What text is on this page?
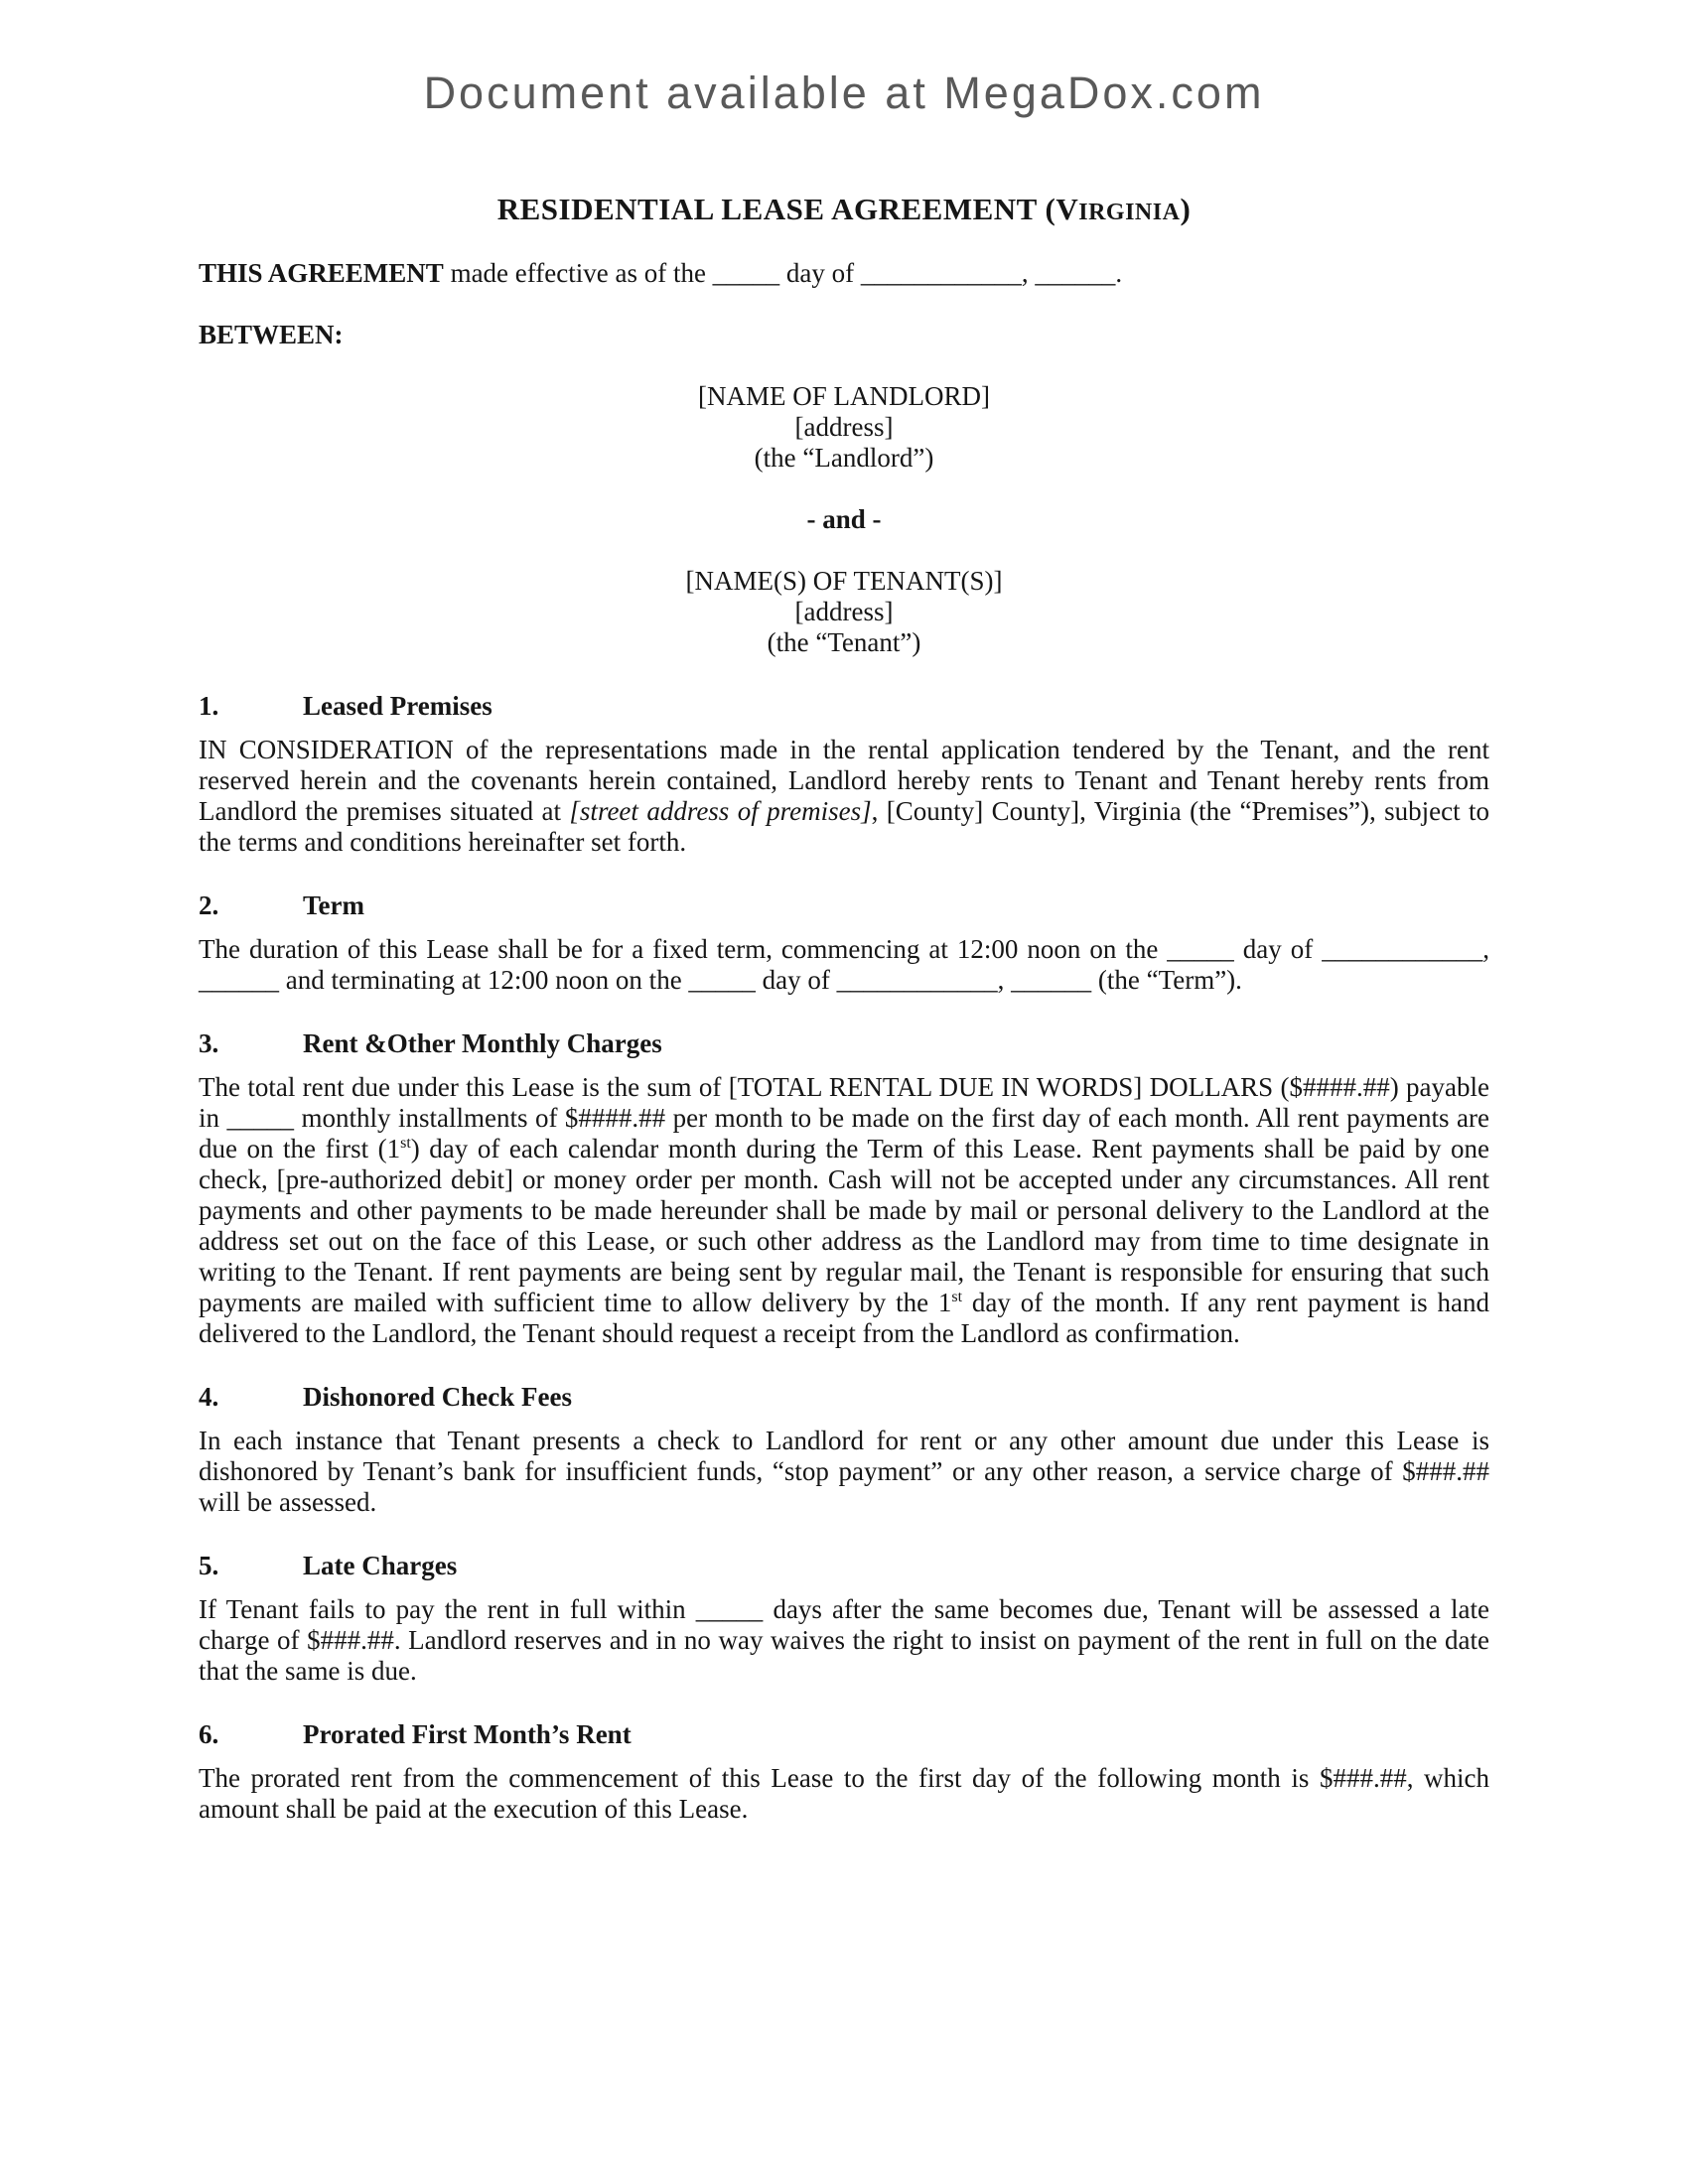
Document available at MegaDox.com
RESIDENTIAL LEASE AGREEMENT (VIRGINIA)

THIS AGREEMENT made effective as of the _____ day of ____________, ______.

BETWEEN:

[NAME OF LANDLORD]
[address]
(the “Landlord”)
- and -
[NAME(S) OF TENANT(S)]
[address]
(the “Tenant”)
1.	Leased Premises

IN CONSIDERATION of the representations made in the rental application tendered by the Tenant, and the rent reserved herein and the covenants herein contained, Landlord hereby rents to Tenant and Tenant hereby rents from Landlord the premises situated at [street address of premises], [County] County], Virginia (the “Premises”), subject to the terms and conditions hereinafter set forth.

2.	Term

The duration of this Lease shall be for a fixed term, commencing at 12:00 noon on the _____ day of ____________, ______ and terminating at 12:00 noon on the _____ day of ____________, ______ (the “Term”).

3.	Rent &Other Monthly Charges

The total rent due under this Lease is the sum of [TOTAL RENTAL DUE IN WORDS] DOLLARS ($####.##) payable in _____ monthly installments of $####.## per month to be made on the first day of each month. All rent payments are due on the first (1st) day of each calendar month during the Term of this Lease. Rent payments shall be paid by one check, [pre-authorized debit] or money order per month. Cash will not be accepted under any circumstances. All rent payments and other payments to be made hereunder shall be made by mail or personal delivery to the Landlord at the address set out on the face of this Lease, or such other address as the Landlord may from time to time designate in writing to the Tenant. If rent payments are being sent by regular mail, the Tenant is responsible for ensuring that such payments are mailed with sufficient time to allow delivery by the 1st day of the month. If any rent payment is hand delivered to the Landlord, the Tenant should request a receipt from the Landlord as confirmation.

4.	Dishonored Check Fees

In each instance that Tenant presents a check to Landlord for rent or any other amount due under this Lease is dishonored by Tenant’s bank for insufficient funds, “stop payment” or any other reason, a service charge of $###.## will be assessed.

5.	Late Charges

If Tenant fails to pay the rent in full within _____ days after the same becomes due, Tenant will be assessed a late charge of $###.##. Landlord reserves and in no way waives the right to insist on payment of the rent in full on the date that the same is due.

6.	Prorated First Month’s Rent

The prorated rent from the commencement of this Lease to the first day of the following month is $###.##, which amount shall be paid at the execution of this Lease.
